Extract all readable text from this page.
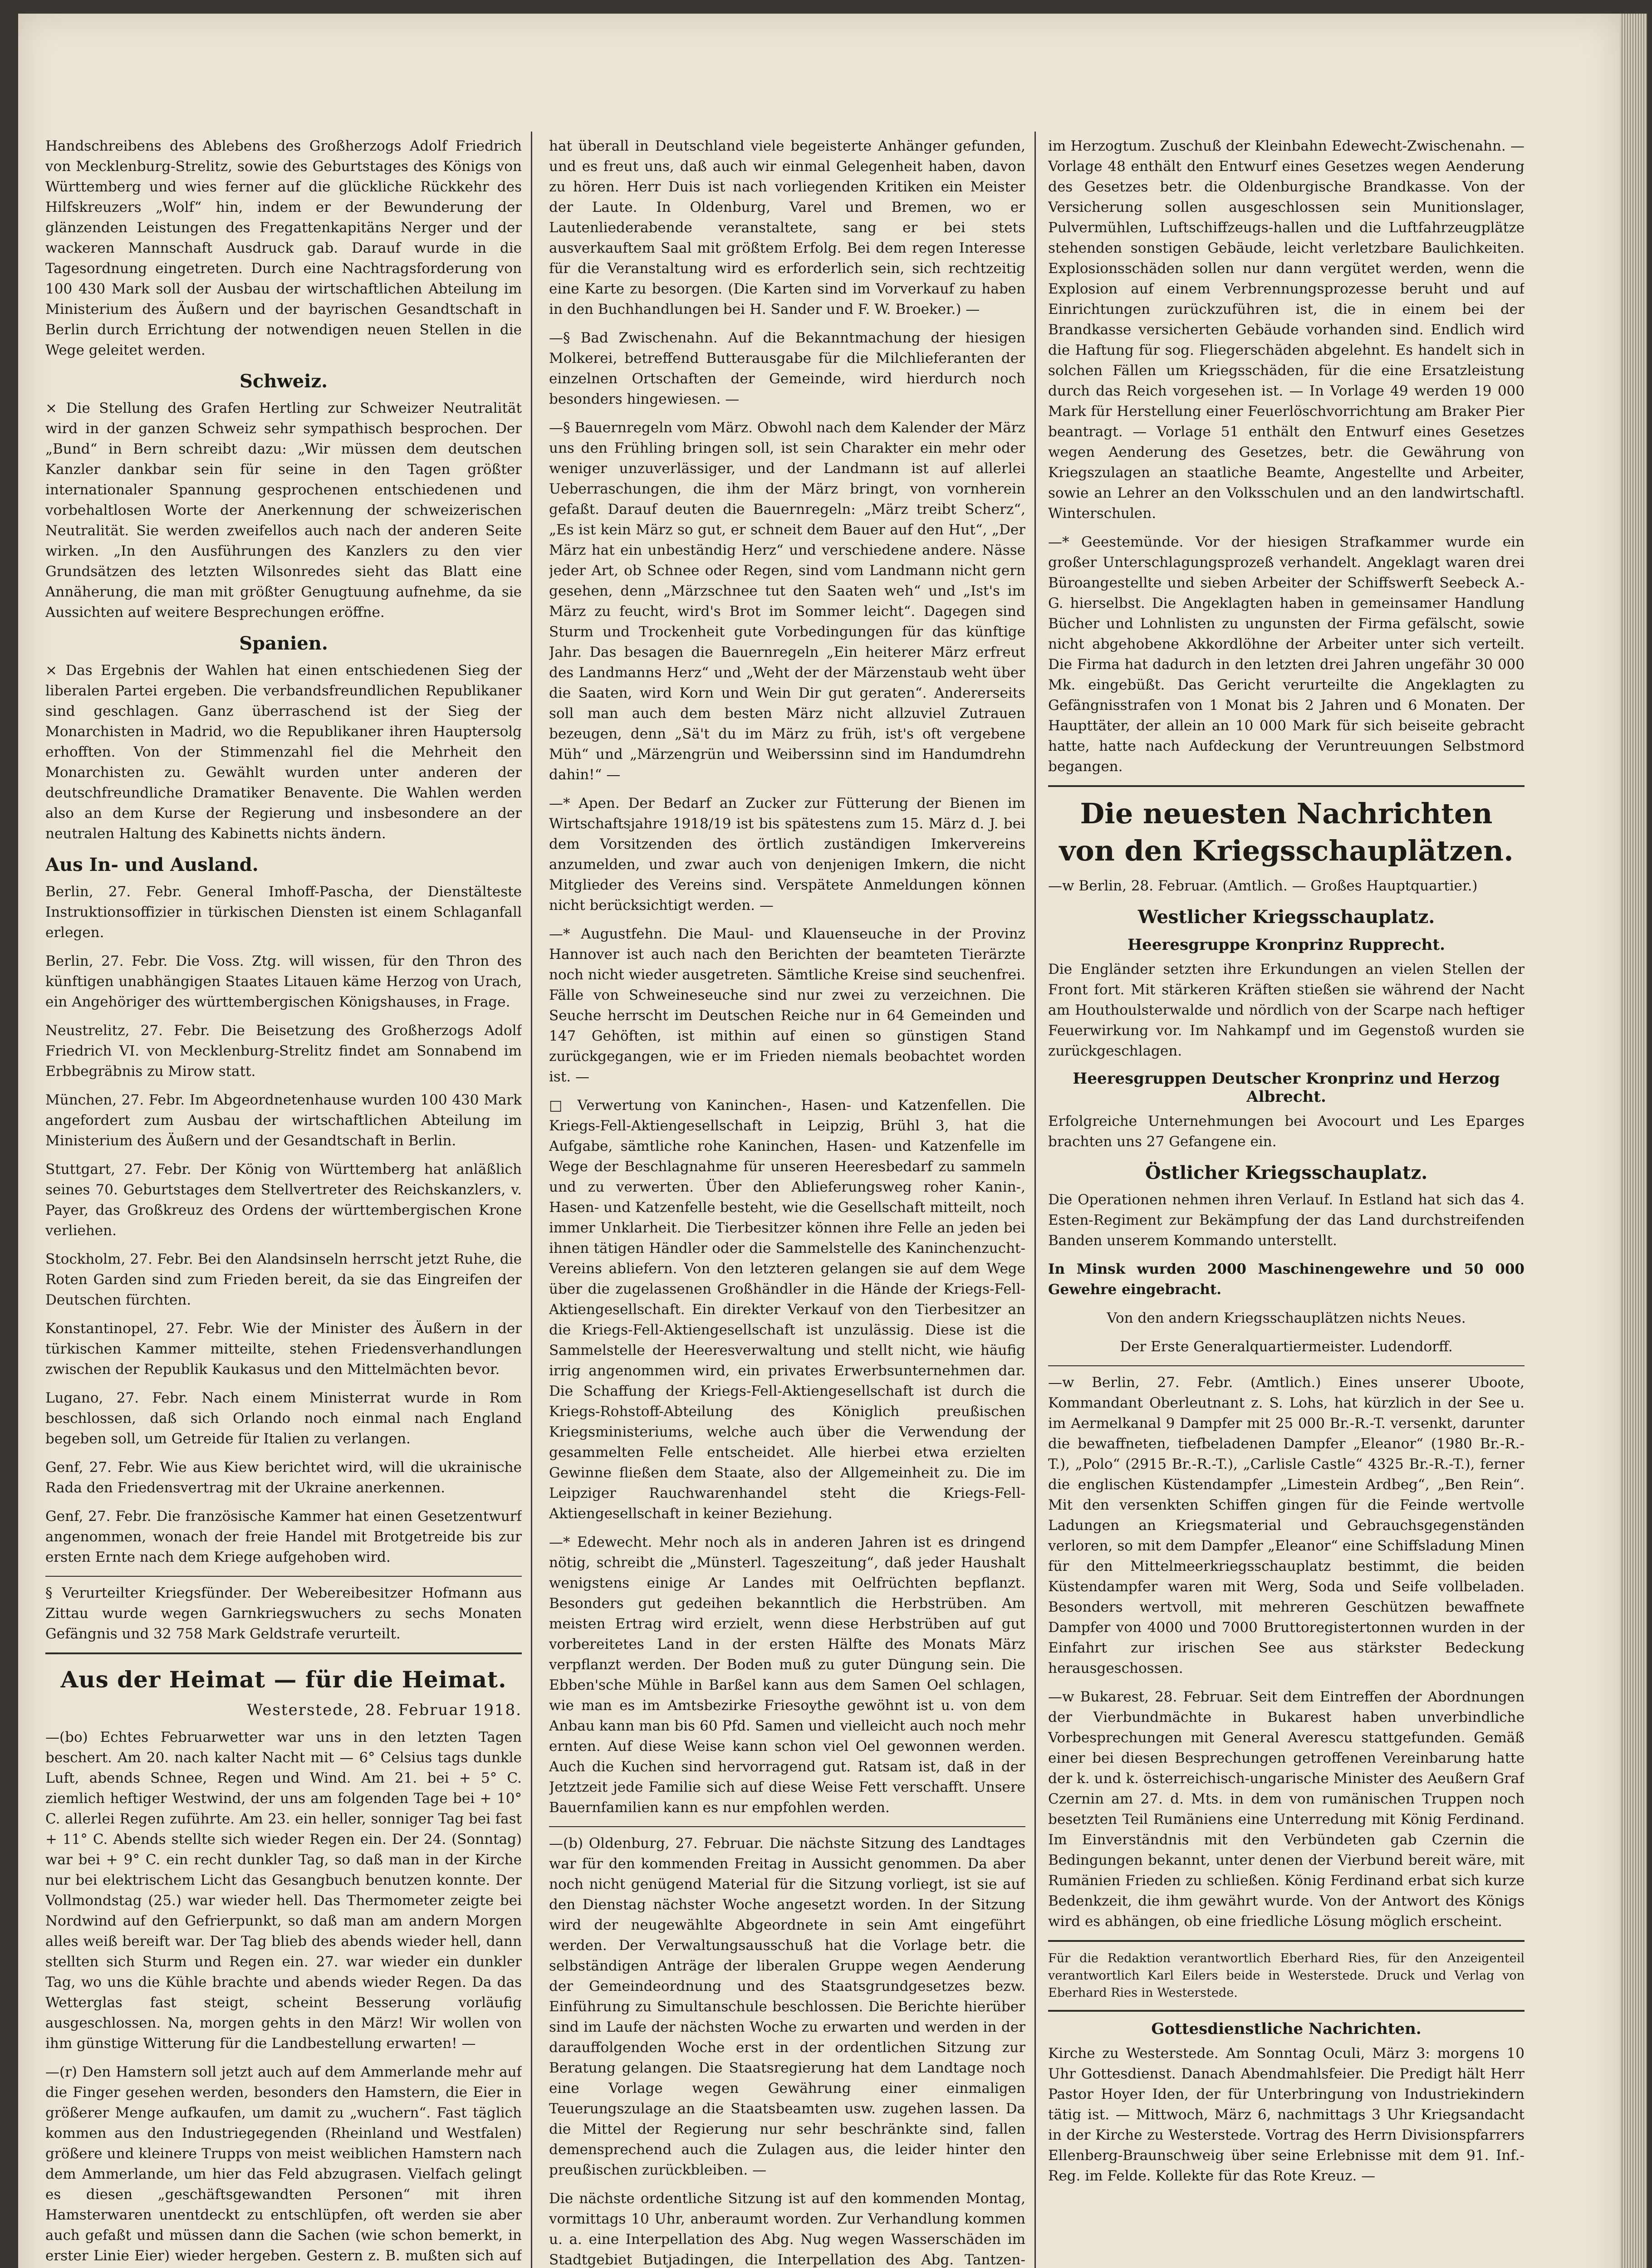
Handschreibens des Ablebens des Großherzogs Adolf Friedrich von Mecklenburg-Strelitz, sowie des Geburtstages des Königs von Württemberg und wies ferner auf die glückliche Rückkehr des Hilfskreuzers „Wolf“ hin, indem er der Bewunderung der glänzenden Leistungen des Fregattenkapitäns Nerger und der wackeren Mannschaft Ausdruck gab. Darauf wurde in die Tagesordnung eingetreten. Durch eine Nachtragsforderung von 100 430 Mark soll der Ausbau der wirtschaftlichen Abteilung im Ministerium des Äußern und der bayrischen Gesandtschaft in Berlin durch Errichtung der notwendigen neuen Stellen in die Wege geleitet werden.

Schweiz.

× Die Stellung des Grafen Hertling zur Schweizer Neutralität wird in der ganzen Schweiz sehr sympathisch besprochen. Der „Bund“ in Bern schreibt dazu: „Wir müssen dem deutschen Kanzler dankbar sein für seine in den Tagen größter internationaler Spannung gesprochenen entschiedenen und vorbehaltlosen Worte der Anerkennung der schweizerischen Neutralität. Sie werden zweifellos auch nach der anderen Seite wirken. „In den Ausführungen des Kanzlers zu den vier Grundsätzen des letzten Wilsonredes sieht das Blatt eine Annäherung, die man mit größter Genugtuung aufnehme, da sie Aussichten auf weitere Besprechungen eröffne.

Spanien.

× Das Ergebnis der Wahlen hat einen entschiedenen Sieg der liberalen Partei ergeben. Die verbandsfreundlichen Republikaner sind geschlagen. Ganz überraschend ist der Sieg der Monarchisten in Madrid, wo die Republikaner ihren Hauptersolg erhofften. Von der Stimmenzahl fiel die Mehrheit den Monarchisten zu. Gewählt wurden unter anderen der deutschfreundliche Dramatiker Benavente. Die Wahlen werden also an dem Kurse der Regierung und insbesondere an der neutralen Haltung des Kabinetts nichts ändern.

Aus In- und Ausland.

Berlin, 27. Febr. General Imhoff-Pascha, der Dienstälteste Instruktionsoffizier in türkischen Diensten ist einem Schlaganfall erlegen.

Berlin, 27. Febr. Die Voss. Ztg. will wissen, für den Thron des künftigen unabhängigen Staates Litauen käme Herzog von Urach, ein Angehöriger des württembergischen Königshauses, in Frage.

Neustrelitz, 27. Febr. Die Beisetzung des Großherzogs Adolf Friedrich VI. von Mecklenburg-Strelitz findet am Sonnabend im Erbbegräbnis zu Mirow statt.

München, 27. Febr. Im Abgeordnetenhause wurden 100 430 Mark angefordert zum Ausbau der wirtschaftlichen Abteilung im Ministerium des Äußern und der Gesandtschaft in Berlin.

Stuttgart, 27. Febr. Der König von Württemberg hat anläßlich seines 70. Geburtstages dem Stellvertreter des Reichskanzlers, v. Payer, das Großkreuz des Ordens der württembergischen Krone verliehen.

Stockholm, 27. Febr. Bei den Alandsinseln herrscht jetzt Ruhe, die Roten Garden sind zum Frieden bereit, da sie das Eingreifen der Deutschen fürchten.

Konstantinopel, 27. Febr. Wie der Minister des Äußern in der türkischen Kammer mitteilte, stehen Friedensverhandlungen zwischen der Republik Kaukasus und den Mittelmächten bevor.

Lugano, 27. Febr. Nach einem Ministerrat wurde in Rom beschlossen, daß sich Orlando noch einmal nach England begeben soll, um Getreide für Italien zu verlangen.

Genf, 27. Febr. Wie aus Kiew berichtet wird, will die ukrainische Rada den Friedensvertrag mit der Ukraine anerkennen.

Genf, 27. Febr. Die französische Kammer hat einen Gesetzentwurf angenommen, wonach der freie Handel mit Brotgetreide bis zur ersten Ernte nach dem Kriege aufgehoben wird.

§ Verurteilter Kriegsfünder. Der Webereibesitzer Hofmann aus Zittau wurde wegen Garnkriegswuchers zu sechs Monaten Gefängnis und 32 758 Mark Geldstrafe verurteilt.

Aus der Heimat — für die Heimat.
Westerstede, 28. Februar 1918.

—(bo) Echtes Februarwetter war uns in den letzten Tagen beschert. Am 20. nach kalter Nacht mit — 6° Celsius tags dunkle Luft, abends Schnee, Regen und Wind. Am 21. bei + 5° C. ziemlich heftiger Westwind, der uns am folgenden Tage bei + 10° C. allerlei Regen zuführte. Am 23. ein heller, sonniger Tag bei fast + 11° C. Abends stellte sich wieder Regen ein. Der 24. (Sonntag) war bei + 9° C. ein recht dunkler Tag, so daß man in der Kirche nur bei elektrischem Licht das Gesangbuch benutzen konnte. Der Vollmondstag (25.) war wieder hell. Das Thermometer zeigte bei Nordwind auf den Gefrierpunkt, so daß man am andern Morgen alles weiß bereift war. Der Tag blieb des abends wieder hell, dann stellten sich Sturm und Regen ein. 27. war wieder ein dunkler Tag, wo uns die Kühle brachte und abends wieder Regen. Da das Wetterglas fast steigt, scheint Besserung vorläufig ausgeschlossen. Na, morgen gehts in den März! Wir wollen von ihm günstige Witterung für die Landbestellung erwarten! —

—(r) Den Hamstern soll jetzt auch auf dem Ammerlande mehr auf die Finger gesehen werden, besonders den Hamstern, die Eier in größerer Menge aufkaufen, um damit zu „wuchern“. Fast täglich kommen aus den Industriegegenden (Rheinland und Westfalen) größere und kleinere Trupps von meist weiblichen Hamstern nach dem Ammerlande, um hier das Feld abzugrasen. Vielfach gelingt es diesen „geschäftsgewandten Personen“ mit ihren Hamsterwaren unentdeckt zu entschlüpfen, oft werden sie aber auch gefaßt und müssen dann die Sachen (wie schon bemerkt, in erster Linie Eier) wieder hergeben. Gestern z. B. mußten sich auf

hat überall in Deutschland viele begeisterte Anhänger gefunden, und es freut uns, daß auch wir einmal Gelegenheit haben, davon zu hören. Herr Duis ist nach vorliegenden Kritiken ein Meister der Laute. In Oldenburg, Varel und Bremen, wo er Lautenliederabende veranstaltete, sang er bei stets ausverkauftem Saal mit größtem Erfolg. Bei dem regen Interesse für die Veranstaltung wird es erforderlich sein, sich rechtzeitig eine Karte zu besorgen. (Die Karten sind im Vorverkauf zu haben in den Buchhandlungen bei H. Sander und F. W. Broeker.) —

—§ Bad Zwischenahn. Auf die Bekanntmachung der hiesigen Molkerei, betreffend Butterausgabe für die Milchlieferanten der einzelnen Ortschaften der Gemeinde, wird hierdurch noch besonders hingewiesen. —

—§ Bauernregeln vom März. Obwohl nach dem Kalender der März uns den Frühling bringen soll, ist sein Charakter ein mehr oder weniger unzuverlässiger, und der Landmann ist auf allerlei Ueberraschungen, die ihm der März bringt, von vornherein gefaßt. Darauf deuten die Bauernregeln: „März treibt Scherz“, „Es ist kein März so gut, er schneit dem Bauer auf den Hut“, „Der März hat ein unbeständig Herz“ und verschiedene andere. Nässe jeder Art, ob Schnee oder Regen, sind vom Landmann nicht gern gesehen, denn „Märzschnee tut den Saaten weh“ und „Ist's im März zu feucht, wird's Brot im Sommer leicht“. Dagegen sind Sturm und Trockenheit gute Vorbedingungen für das künftige Jahr. Das besagen die Bauernregeln „Ein heiterer März erfreut des Landmanns Herz“ und „Weht der der Märzenstaub weht über die Saaten, wird Korn und Wein Dir gut geraten“. Andererseits soll man auch dem besten März nicht allzuviel Zutrauen bezeugen, denn „Sä't du im März zu früh, ist's oft vergebene Müh“ und „Märzengrün und Weiberssinn sind im Handumdrehn dahin!“ —

—* Apen. Der Bedarf an Zucker zur Fütterung der Bienen im Wirtschaftsjahre 1918/19 ist bis spätestens zum 15. März d. J. bei dem Vorsitzenden des örtlich zuständigen Imkervereins anzumelden, und zwar auch von denjenigen Imkern, die nicht Mitglieder des Vereins sind. Verspätete Anmeldungen können nicht berücksichtigt werden. —

—* Augustfehn. Die Maul- und Klauenseuche in der Provinz Hannover ist auch nach den Berichten der beamteten Tierärzte noch nicht wieder ausgetreten. Sämtliche Kreise sind seuchenfrei. Fälle von Schweineseuche sind nur zwei zu verzeichnen. Die Seuche herrscht im Deutschen Reiche nur in 64 Gemeinden und 147 Gehöften, ist mithin auf einen so günstigen Stand zurückgegangen, wie er im Frieden niemals beobachtet worden ist. —

□ Verwertung von Kaninchen-, Hasen- und Katzenfellen. Die Kriegs-Fell-Aktiengesellschaft in Leipzig, Brühl 3, hat die Aufgabe, sämtliche rohe Kaninchen, Hasen- und Katzenfelle im Wege der Beschlagnahme für unseren Heeresbedarf zu sammeln und zu verwerten. Über den Ablieferungsweg roher Kanin-, Hasen- und Katzenfelle besteht, wie die Gesellschaft mitteilt, noch immer Unklarheit. Die Tierbesitzer können ihre Felle an jeden bei ihnen tätigen Händler oder die Sammelstelle des Kaninchenzucht-Vereins abliefern. Von den letzteren gelangen sie auf dem Wege über die zugelassenen Großhändler in die Hände der Kriegs-Fell-Aktiengesellschaft. Ein direkter Verkauf von den Tierbesitzer an die Kriegs-Fell-Aktiengesellschaft ist unzulässig. Diese ist die Sammelstelle der Heeresverwaltung und stellt nicht, wie häufig irrig angenommen wird, ein privates Erwerbsunternehmen dar. Die Schaffung der Kriegs-Fell-Aktiengesellschaft ist durch die Kriegs-Rohstoff-Abteilung des Königlich preußischen Kriegsministeriums, welche auch über die Verwendung der gesammelten Felle entscheidet. Alle hierbei etwa erzielten Gewinne fließen dem Staate, also der Allgemeinheit zu. Die im Leipziger Rauchwarenhandel steht die Kriegs-Fell-Aktiengesellschaft in keiner Beziehung.

—* Edewecht. Mehr noch als in anderen Jahren ist es dringend nötig, schreibt die „Münsterl. Tageszeitung“, daß jeder Haushalt wenigstens einige Ar Landes mit Oelfrüchten bepflanzt. Besonders gut gedeihen bekanntlich die Herbstrüben. Am meisten Ertrag wird erzielt, wenn diese Herbstrüben auf gut vorbereitetes Land in der ersten Hälfte des Monats März verpflanzt werden. Der Boden muß zu guter Düngung sein. Die Ebben'sche Mühle in Barßel kann aus dem Samen Oel schlagen, wie man es im Amtsbezirke Friesoythe gewöhnt ist u. von dem Anbau kann man bis 60 Pfd. Samen und vielleicht auch noch mehr ernten. Auf diese Weise kann schon viel Oel gewonnen werden. Auch die Kuchen sind hervorragend gut. Ratsam ist, daß in der Jetztzeit jede Familie sich auf diese Weise Fett verschafft. Unsere Bauernfamilien kann es nur empfohlen werden.

—(b) Oldenburg, 27. Februar. Die nächste Sitzung des Landtages war für den kommenden Freitag in Aussicht genommen. Da aber noch nicht genügend Material für die Sitzung vorliegt, ist sie auf den Dienstag nächster Woche angesetzt worden. In der Sitzung wird der neugewählte Abgeordnete in sein Amt eingeführt werden. Der Verwaltungsausschuß hat die Vorlage betr. die selbständigen Anträge der liberalen Gruppe wegen Aenderung der Gemeindeordnung und des Staatsgrundgesetzes bezw. Einführung zu Simultanschule beschlossen. Die Berichte hierüber sind im Laufe der nächsten Woche zu erwarten und werden in der darauffolgenden Woche erst in der ordentlichen Sitzung zur Beratung gelangen. Die Staatsregierung hat dem Landtage noch eine Vorlage wegen Gewährung einer einmaligen Teuerungszulage an die Staatsbeamten usw. zugehen lassen. Da die Mittel der Regierung nur sehr beschränkte sind, fallen demensprechend auch die Zulagen aus, die leider hinter den preußischen zurückbleiben. —

Die nächste ordentliche Sitzung ist auf den kommenden Montag, vormittags 10 Uhr, anberaumt worden. Zur Verhandlung kommen u. a. eine Interpellation des Abg. Nug wegen Wasserschäden im Stadtgebiet Butjadingen, die Interpellation des Abg. Tantzen-

im Herzogtum. Zuschuß der Kleinbahn Edewecht-Zwischenahn. — Vorlage 48 enthält den Entwurf eines Gesetzes wegen Aenderung des Gesetzes betr. die Oldenburgische Brandkasse. Von der Versicherung sollen ausgeschlossen sein Munitionslager, Pulvermühlen, Luftschiffzeugs-hallen und die Luftfahrzeugplätze stehenden sonstigen Gebäude, leicht verletzbare Baulichkeiten. Explosionsschäden sollen nur dann vergütet werden, wenn die Explosion auf einem Verbrennungsprozesse beruht und auf Einrichtungen zurückzuführen ist, die in einem bei der Brandkasse versicherten Gebäude vorhanden sind. Endlich wird die Haftung für sog. Fliegerschäden abgelehnt. Es handelt sich in solchen Fällen um Kriegsschäden, für die eine Ersatzleistung durch das Reich vorgesehen ist. — In Vorlage 49 werden 19 000 Mark für Herstellung einer Feuerlöschvorrichtung am Braker Pier beantragt. — Vorlage 51 enthält den Entwurf eines Gesetzes wegen Aenderung des Gesetzes, betr. die Gewährung von Kriegszulagen an staatliche Beamte, Angestellte und Arbeiter, sowie an Lehrer an den Volksschulen und an den landwirtschaftl. Winterschulen.

—* Geestemünde. Vor der hiesigen Strafkammer wurde ein großer Unterschlagungsprozeß verhandelt. Angeklagt waren drei Büroangestellte und sieben Arbeiter der Schiffswerft Seebeck A.-G. hierselbst. Die Angeklagten haben in gemeinsamer Handlung Bücher und Lohnlisten zu ungunsten der Firma gefälscht, sowie nicht abgehobene Akkordlöhne der Arbeiter unter sich verteilt. Die Firma hat dadurch in den letzten drei Jahren ungefähr 30 000 Mk. eingebüßt. Das Gericht verurteilte die Angeklagten zu Gefängnisstrafen von 1 Monat bis 2 Jahren und 6 Monaten. Der Haupttäter, der allein an 10 000 Mark für sich beiseite gebracht hatte, hatte nach Aufdeckung der Veruntreuungen Selbstmord begangen.

Die neuesten Nachrichten von den Kriegsschauplätzen.

—w Berlin, 28. Februar. (Amtlich. — Großes Hauptquartier.)

Westlicher Kriegsschauplatz.
Heeresgruppe Kronprinz Rupprecht.

Die Engländer setzten ihre Erkundungen an vielen Stellen der Front fort. Mit stärkeren Kräften stießen sie während der Nacht am Houthoulsterwalde und nördlich von der Scarpe nach heftiger Feuerwirkung vor. Im Nahkampf und im Gegenstoß wurden sie zurückgeschlagen.

Heeresgruppen Deutscher Kronprinz und Herzog Albrecht.

Erfolgreiche Unternehmungen bei Avocourt und Les Eparges brachten uns 27 Gefangene ein.

Östlicher Kriegsschauplatz.

Die Operationen nehmen ihren Verlauf. In Estland hat sich das 4. Esten-Regiment zur Bekämpfung der das Land durchstreifenden Banden unserem Kommando unterstellt.

In Minsk wurden 2000 Maschinengewehre und 50 000 Gewehre eingebracht.

Von den andern Kriegsschauplätzen nichts Neues.

Der Erste Generalquartiermeister. Ludendorff.

—w Berlin, 27. Febr. (Amtlich.) Eines unserer Uboote, Kommandant Oberleutnant z. S. Lohs, hat kürzlich in der See u. im Aermelkanal 9 Dampfer mit 25 000 Br.-R.-T. versenkt, darunter die bewaffneten, tiefbeladenen Dampfer „Eleanor“ (1980 Br.-R.-T.), „Polo“ (2915 Br.-R.-T.), „Carlisle Castle“ 4325 Br.-R.-T.), ferner die englischen Küstendampfer „Limestein Ardbeg“, „Ben Rein“. Mit den versenkten Schiffen gingen für die Feinde wertvolle Ladungen an Kriegsmaterial und Gebrauchsgegenständen verloren, so mit dem Dampfer „Eleanor“ eine Schiffsladung Minen für den Mittelmeerkriegsschauplatz bestimmt, die beiden Küstendampfer waren mit Werg, Soda und Seife vollbeladen. Besonders wertvoll, mit mehreren Geschützen bewaffnete Dampfer von 4000 und 7000 Bruttoregistertonnen wurden in der Einfahrt zur irischen See aus stärkster Bedeckung herausgeschossen.

—w Bukarest, 28. Februar. Seit dem Eintreffen der Abordnungen der Vierbundmächte in Bukarest haben unverbindliche Vorbesprechungen mit General Averescu stattgefunden. Gemäß einer bei diesen Besprechungen getroffenen Vereinbarung hatte der k. und k. österreichisch-ungarische Minister des Aeußern Graf Czernin am 27. d. Mts. in dem von rumänischen Truppen noch besetzten Teil Rumäniens eine Unterredung mit König Ferdinand. Im Einverständnis mit den Verbündeten gab Czernin die Bedingungen bekannt, unter denen der Vierbund bereit wäre, mit Rumänien Frieden zu schließen. König Ferdinand erbat sich kurze Bedenkzeit, die ihm gewährt wurde. Von der Antwort des Königs wird es abhängen, ob eine friedliche Lösung möglich erscheint.

Für die Redaktion verantwortlich Eberhard Ries, für den Anzeigenteil verantwortlich Karl Eilers beide in Westerstede. Druck und Verlag von Eberhard Ries in Westerstede.

Gottesdienstliche Nachrichten.

Kirche zu Westerstede. Am Sonntag Oculi, März 3: morgens 10 Uhr Gottesdienst. Danach Abendmahlsfeier. Die Predigt hält Herr Pastor Hoyer Iden, der für Unterbringung von Industriekindern tätig ist. — Mittwoch, März 6, nachmittags 3 Uhr Kriegsandacht in der Kirche zu Westerstede. Vortrag des Herrn Divisionspfarrers Ellenberg-Braunschweig über seine Erlebnisse mit dem 91. Inf.-Reg. im Felde. Kollekte für das Rote Kreuz. —
